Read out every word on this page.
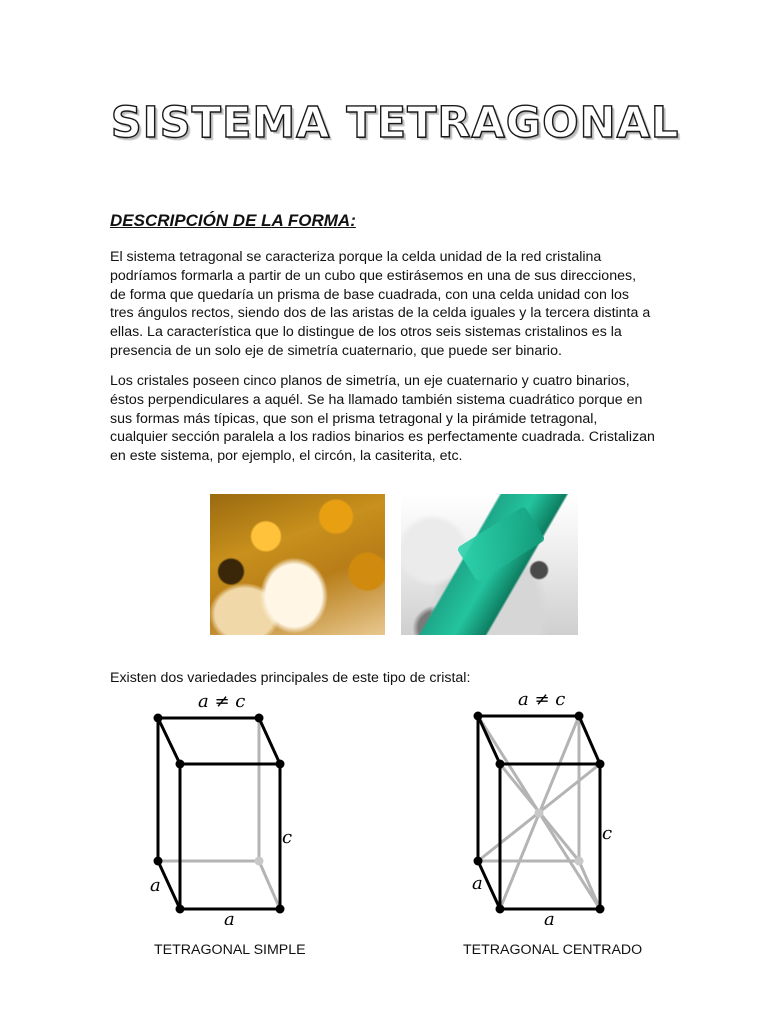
SISTEMA TETRAGONAL
DESCRIPCIÓN DE LA FORMA:

El sistema tetragonal se caracteriza porque la celda unidad de la red cristalina podríamos formarla a partir de un cubo que estirásemos en una de sus direcciones, de forma que quedaría un prisma de base cuadrada, con una celda unidad con los tres ángulos rectos, siendo dos de las aristas de la celda iguales y la tercera distinta a ellas. La característica que lo distingue de los otros seis sistemas cristalinos es la presencia de un solo eje de simetría cuaternario, que puede ser binario.

Los cristales poseen cinco planos de simetría, un eje cuaternario y cuatro binarios, éstos perpendiculares a aquél. Se ha llamado también sistema cuadrático porque en sus formas más típicas, que son el prisma tetragonal y la pirámide tetragonal, cualquier sección paralela a los radios binarios es perfectamente cuadrada. Cristalizan en este sistema, por ejemplo, el circón, la casiterita, etc.

Existen dos variedades principales de este tipo de cristal:
a ≠ c
c
a
a
a ≠ c
c
a
a
TETRAGONAL SIMPLE	TETRAGONAL CENTRADO
